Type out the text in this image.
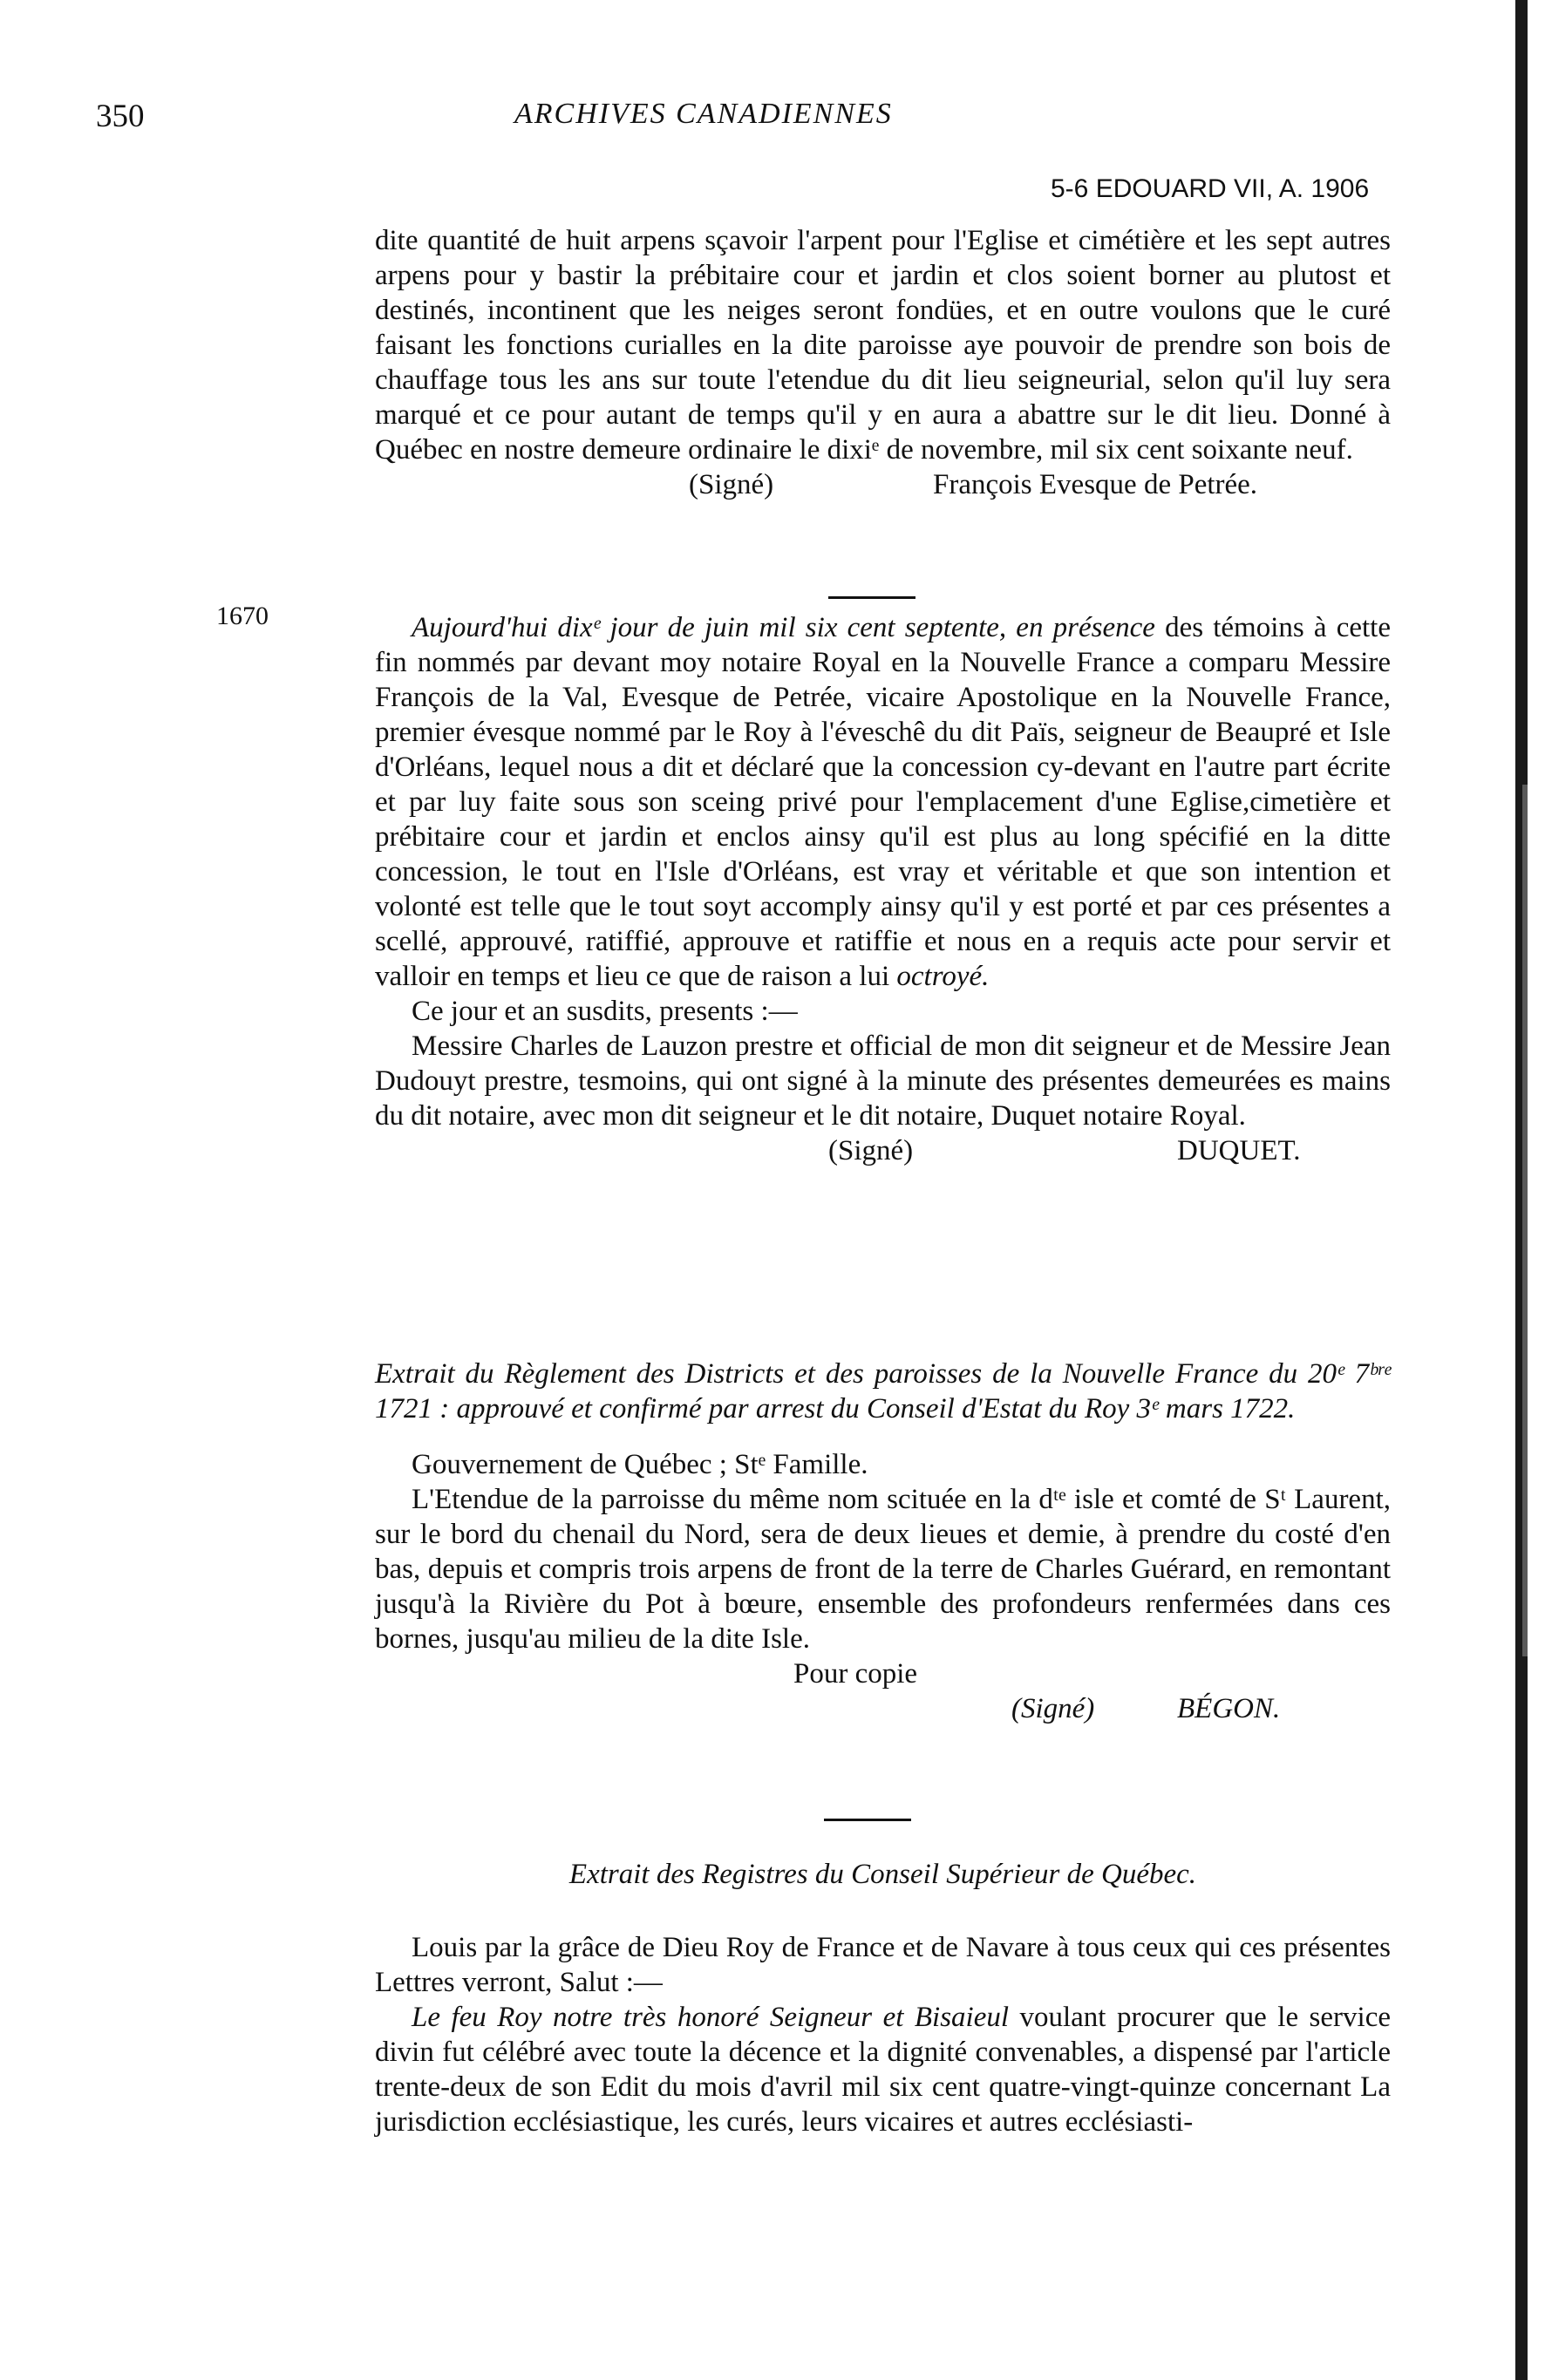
350	ARCHIVES CANADIENNES
5-6 EDOUARD VII, A. 1906
1670

dite quantité de huit arpens sçavoir l'arpent pour l'Eglise et cimétière et les sept autres arpens pour y bastir la prébitaire cour et jardin et clos soient borner au plutost et destinés, incontinent que les neiges seront fondües, et en outre voulons que le curé faisant les fonctions curialles en la dite paroisse aye pouvoir de prendre son bois de chauffage tous les ans sur toute l'etendue du dit lieu seigneurial, selon qu'il luy sera marqué et ce pour autant de temps qu'il y en aura a abattre sur le dit lieu. Donné à Québec en nostre demeure ordinaire le dixiᵉ de novembre, mil six cent soixante neuf.

(Signé)	François Evesque de Petrée.

Aujourd'hui dixᵉ jour de juin mil six cent septente, en présence des témoins à cette fin nommés par devant moy notaire Royal en la Nouvelle France a comparu Messire François de la Val, Evesque de Petrée, vicaire Apostolique en la Nouvelle France, premier évesque nommé par le Roy à l'éveschê du dit Païs, seigneur de Beaupré et Isle d'Orléans, lequel nous a dit et déclaré que la concession cy-devant en l'autre part écrite et par luy faite sous son sceing privé pour l'emplacement d'une Eglise,cimetière et prébitaire cour et jardin et enclos ainsy qu'il est plus au long spécifié en la ditte concession, le tout en l'Isle d'Orléans, est vray et véritable et que son intention et volonté est telle que le tout soyt accomply ainsy qu'il y est porté et par ces présentes a scellé, approuvé, ratiffié, approuve et ratiffie et nous en a requis acte pour servir et valloir en temps et lieu ce que de raison a lui octroyé.

Ce jour et an susdits, presents :—

Messire Charles de Lauzon prestre et official de mon dit seigneur et de Messire Jean Dudouyt prestre, tesmoins, qui ont signé à la minute des présentes demeurées es mains du dit notaire, avec mon dit seigneur et le dit notaire, Duquet notaire Royal.

(Signé)	DUQUET.

Extrait du Règlement des Districts et des paroisses de la Nouvelle France du 20ᵉ 7ᵇʳᵉ 1721 : approuvé et confirmé par arrest du Conseil d'Estat du Roy 3ᵉ mars 1722.

Gouvernement de Québec ; Stᵉ Famille.

L'Etendue de la parroisse du même nom scituée en la dᵗᵉ isle et comté de Sᵗ Laurent, sur le bord du chenail du Nord, sera de deux lieues et demie, à prendre du costé d'en bas, depuis et compris trois arpens de front de la terre de Charles Guérard, en remontant jusqu'à la Rivière du Pot à bœure, ensemble des profondeurs renfermées dans ces bornes, jusqu'au milieu de la dite Isle.

Pour copie
(Signé)	BÉGON.

Extrait des Registres du Conseil Supérieur de Québec.

Louis par la grâce de Dieu Roy de France et de Navare à tous ceux qui ces présentes Lettres verront, Salut :—

Le feu Roy notre très honoré Seigneur et Bisaieul voulant procurer que le service divin fut célébré avec toute la décence et la dignité convenables, a dispensé par l'article trente-deux de son Edit du mois d'avril mil six cent quatre-vingt-quinze concernant La jurisdiction ecclésiastique, les curés, leurs vicaires et autres ecclésiasti-
